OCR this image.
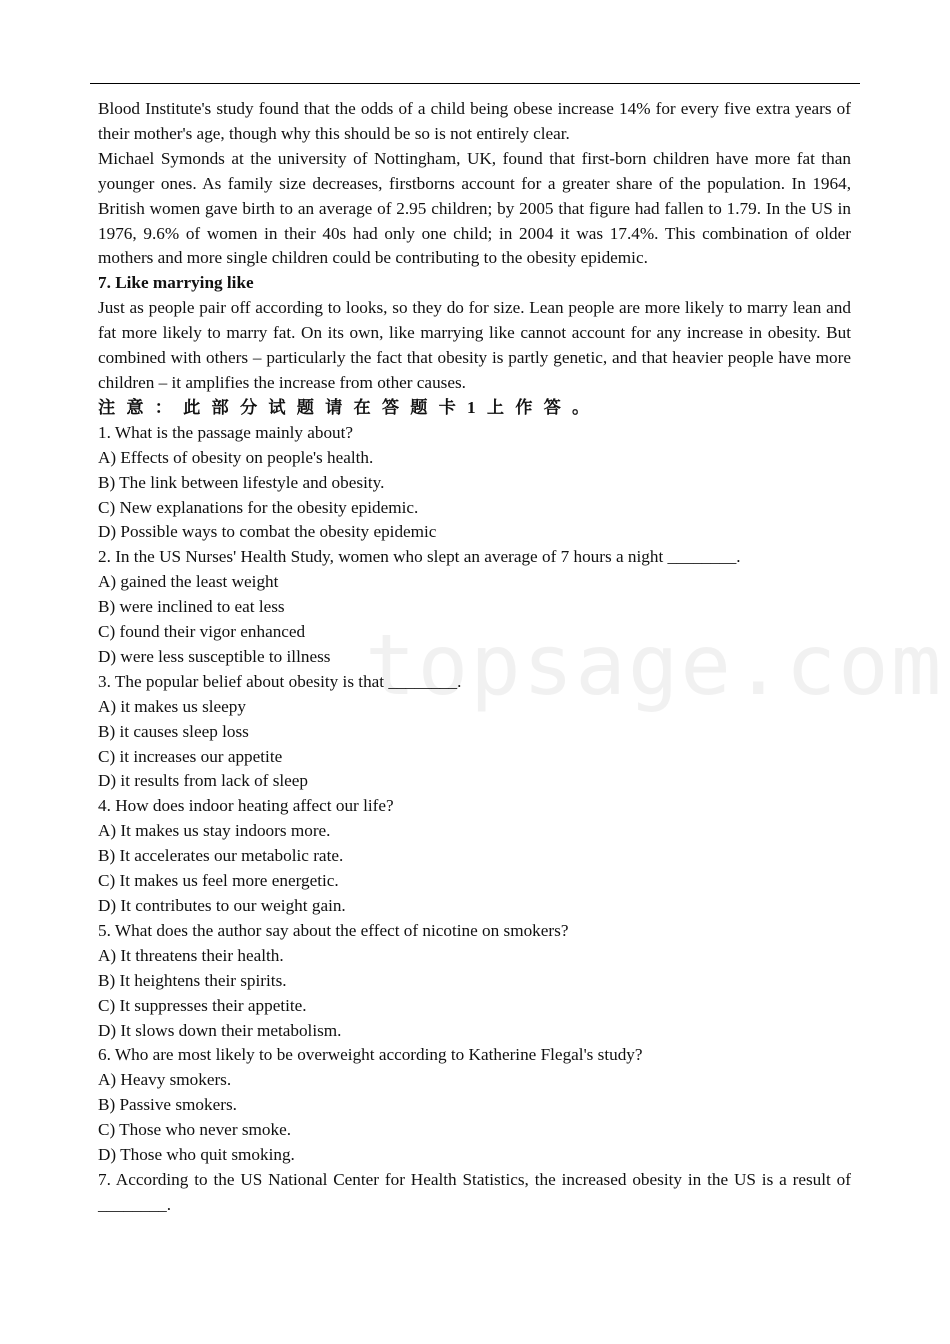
topsage.com

Blood Institute's study found that the odds of a child being obese increase 14% for every five extra years of their mother's age, though why this should be so is not entirely clear.

Michael Symonds at the university of Nottingham, UK, found that first-born children have more fat than younger ones. As family size decreases, firstborns account for a greater share of the population. In 1964, British women gave birth to an average of 2.95 children; by 2005 that figure had fallen to 1.79. In the US in 1976, 9.6% of women in their 40s had only one child; in 2004 it was 17.4%. This combination of older mothers and more single children could be contributing to the obesity epidemic.

7. Like marrying like

Just as people pair off according to looks, so they do for size. Lean people are more likely to marry lean and fat more likely to marry fat. On its own, like marrying like cannot account for any increase in obesity. But combined with others – particularly the fact that obesity is partly genetic, and that heavier people have more children – it amplifies the increase from other causes.

注意：此部分试题请在答题卡1上作答。

1. What is the passage mainly about?

A) Effects of obesity on people's health.

B) The link between lifestyle and obesity.

C) New explanations for the obesity epidemic.

D) Possible ways to combat the obesity epidemic

2. In the US Nurses' Health Study, women who slept an average of 7 hours a night ________.

A) gained the least weight

B) were inclined to eat less

C) found their vigor enhanced

D) were less susceptible to illness

3. The popular belief about obesity is that ________.

A) it makes us sleepy

B) it causes sleep loss

C) it increases our appetite

D) it results from lack of sleep

4. How does indoor heating affect our life?

A) It makes us stay indoors more.

B) It accelerates our metabolic rate.

C) It makes us feel more energetic.

D) It contributes to our weight gain.

5. What does the author say about the effect of nicotine on smokers?

A) It threatens their health.

B) It heightens their spirits.

C) It suppresses their appetite.

D) It slows down their metabolism.

6. Who are most likely to be overweight according to Katherine Flegal's study?

A) Heavy smokers.

B) Passive smokers.

C) Those who never smoke.

D) Those who quit smoking.

7. According to the US National Center for Health Statistics, the increased obesity in the US is a result of ________.
